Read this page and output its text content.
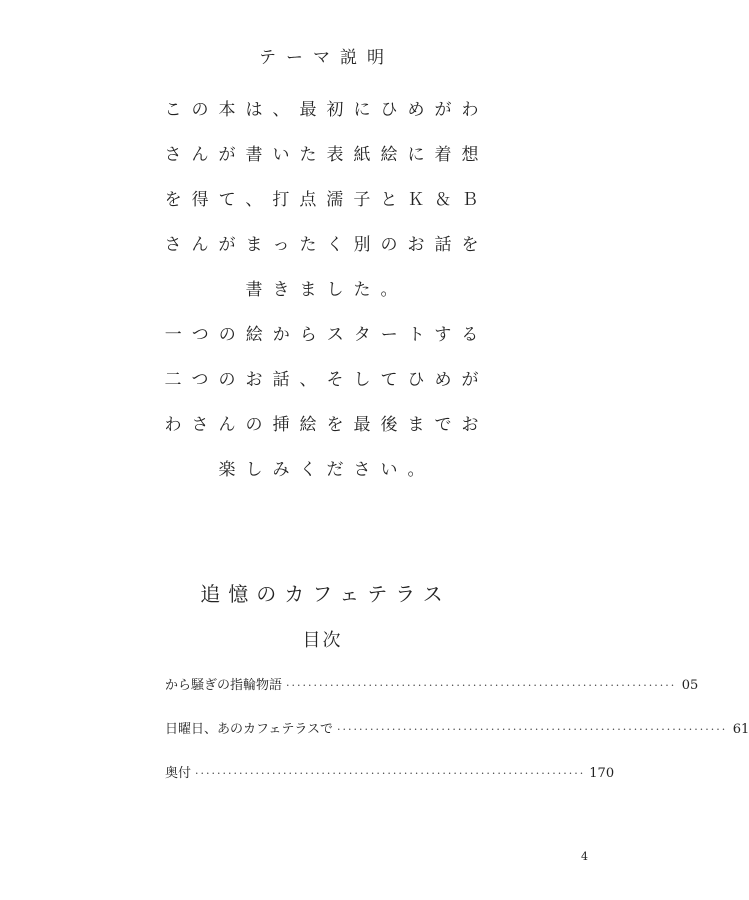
テーマ説明
この本は、最初にひめがわ
さんが書いた表紙絵に着想
を得て、打点濡子とＫ＆Ｂ
さんがまったく別のお話を
書きました。
一つの絵からスタートする
二つのお話、そしてひめが
わさんの挿絵を最後までお
楽しみください。
追憶のカフェテラス
目次
から騒ぎの指輪物語 ······································································· 05
日曜日、あのカフェテラスで ······································································· 61
奥付 ······································································· 170
4
